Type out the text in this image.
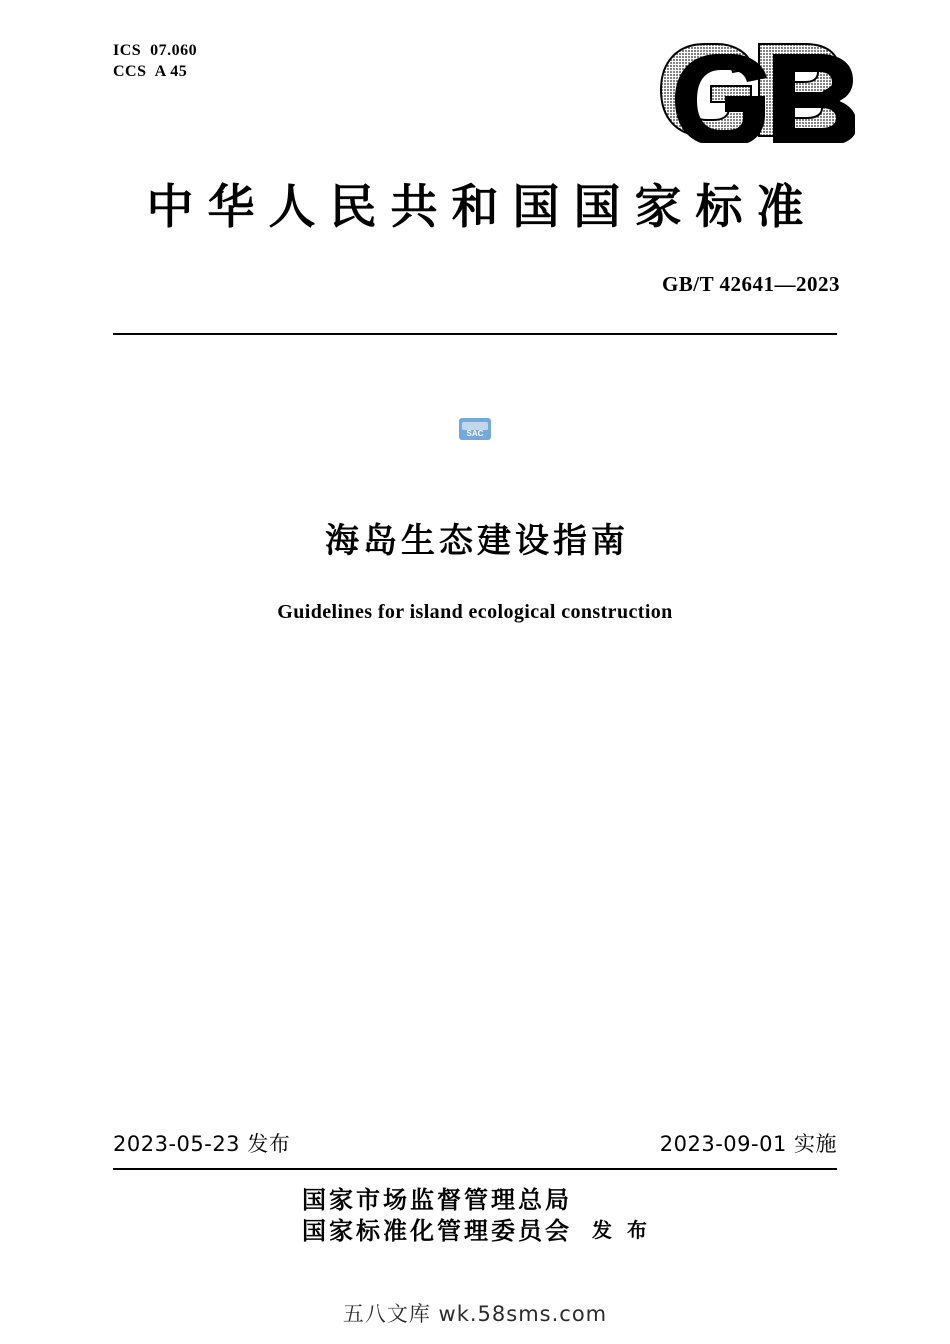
ICS  07.060
CCS  A 45
中华人民共和国国家标准
GB/T 42641—2023
SAC
海岛生态建设指南
Guidelines for island ecological construction
2023-05-23 发布	2023-09-01 实施
国家市场监督管理总局
国家标准化管理委员会 发 布
五八文库 wk.58sms.com
